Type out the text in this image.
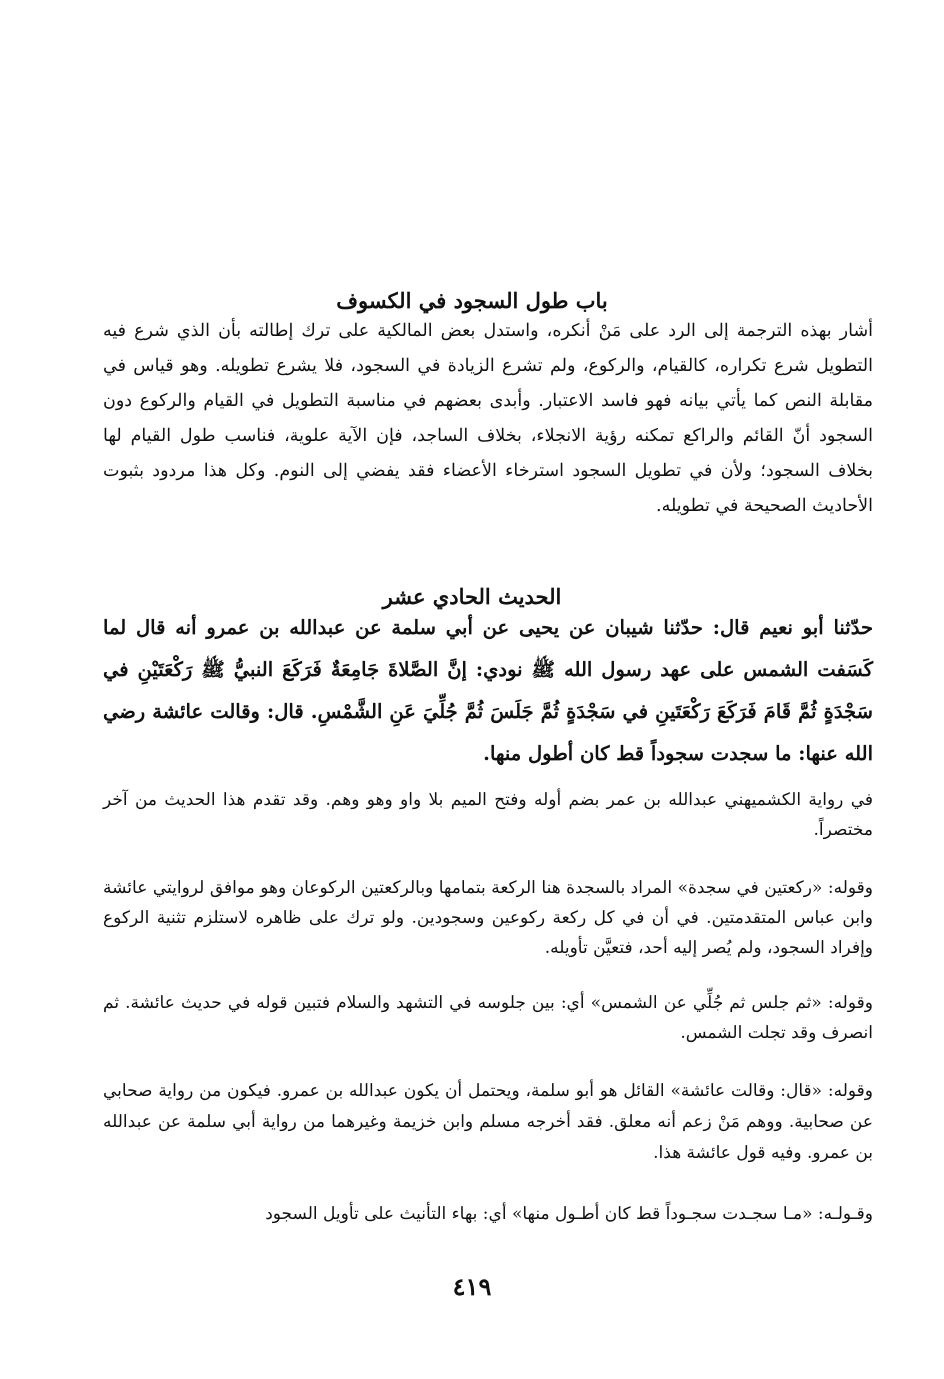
باب طول السجود في الكسوف

أشار بهذه الترجمة إلى الرد على مَنْ أنكره، واستدل بعض المالكية على ترك إطالته بأن الذي شرع فيه التطويل شرع تكراره، كالقيام، والركوع، ولم تشرع الزيادة في السجود، فلا يشرع تطويله. وهو قياس في مقابلة النص كما يأتي بيانه فهو فاسد الاعتبار. وأبدى بعضهم في مناسبة التطويل في القيام والركوع دون السجود أنّ القائم والراكع تمكنه رؤية الانجلاء، بخلاف الساجد، فإن الآية علوية، فناسب طول القيام لها بخلاف السجود؛ ولأن في تطويل السجود استرخاء الأعضاء فقد يفضي إلى النوم. وكل هذا مردود بثبوت الأحاديث الصحيحة في تطويله.

الحديث الحادي عشر

حدّثنا أبو نعيم قال: حدّثنا شيبان عن يحيى عن أبي سلمة عن عبدالله بن عمرو أنه قال لما كَسَفت الشمس على عهد رسول الله ﷺ نودي: إنَّ الصَّلاةَ جَامِعَةٌ فَرَكَعَ النبيُّ ﷺ رَكْعَتَيْنِ في سَجْدَةٍ ثُمَّ قَامَ فَرَكَعَ رَكْعَتَينِ في سَجْدَةٍ ثُمَّ جَلَسَ ثُمَّ جُلِّيَ عَنِ الشَّمْسِ. قال: وقالت عائشة رضي الله عنها: ما سجدت سجوداً قط كان أطول منها.

في رواية الكشميهني عبدالله بن عمر بضم أوله وفتح الميم بلا واو وهو وهم. وقد تقدم هذا الحديث من آخر مختصراً.

وقوله: «ركعتين في سجدة» المراد بالسجدة هنا الركعة بتمامها وبالركعتين الركوعان وهو موافق لروايتي عائشة وابن عباس المتقدمتين. في أن في كل ركعة ركوعين وسجودين. ولو ترك على ظاهره لاستلزم تثنية الركوع وإفراد السجود، ولم يُصر إليه أحد، فتعيَّن تأويله.

وقوله: «ثم جلس ثم جُلِّي عن الشمس» أي: بين جلوسه في التشهد والسلام فتبين قوله في حديث عائشة. ثم انصرف وقد تجلت الشمس.

وقوله: «قال: وقالت عائشة» القائل هو أبو سلمة، ويحتمل أن يكون عبدالله بن عمرو. فيكون من رواية صحابي عن صحابية. ووهم مَنْ زعم أنه معلق. فقد أخرجه مسلم وابن خزيمة وغيرهما من رواية أبي سلمة عن عبدالله بن عمرو. وفيه قول عائشة هذا.

وقـولـه: «مـا سجـدت سجـوداً قط كان أطـول منها» أي: بهاء التأنيث على تأويل السجود

٤١٩
